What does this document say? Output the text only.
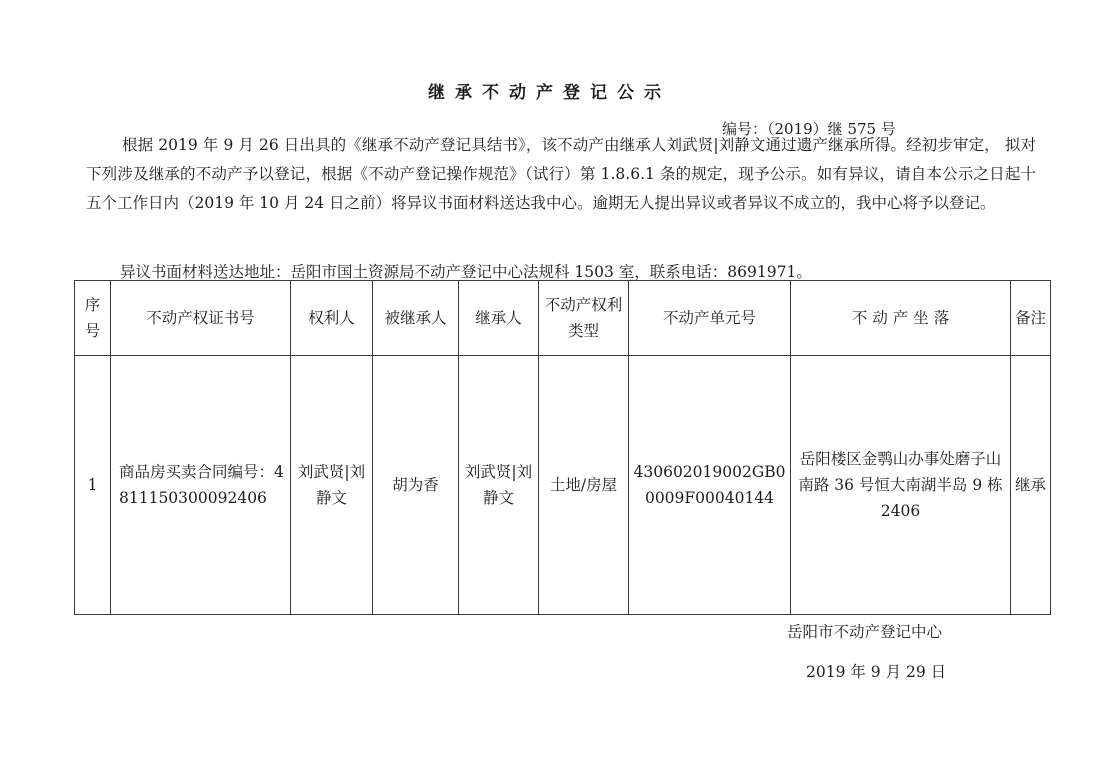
继承不动产登记公示
编号：（2019）继 575 号
根据 2019 年 9 月 26 日出具的《继承不动产登记具结书》，该不动产由继承人刘武贤|刘静文通过遗产继承所得。经初步审定， 拟对下列涉及继承的不动产予以登记，根据《不动产登记操作规范》（试行）第 1.8.6.1 条的规定，现予公示。如有异议，请自本公示之日起十五个工作日内（2019 年 10 月 24 日之前）将异议书面材料送达我中心。逾期无人提出异议或者异议不成立的，我中心将予以登记。
异议书面材料送达地址：岳阳市国土资源局不动产登记中心法规科 1503 室，联系电话：8691971。
序号	不动产权证书号	权利人	被继承人	继承人	不动产权利类型	不动产单元号	不 动 产 坐 落	备注
1	商品房买卖合同编号：4811150300092406	刘武贤|刘静文	胡为香	刘武贤|刘静文	土地/房屋	430602019002GB00009F00040144	岳阳楼区金鹗山办事处磨子山南路 36 号恒大南湖半岛 9 栋 2406	继承
岳阳市不动产登记中心
2019 年 9 月 29 日
